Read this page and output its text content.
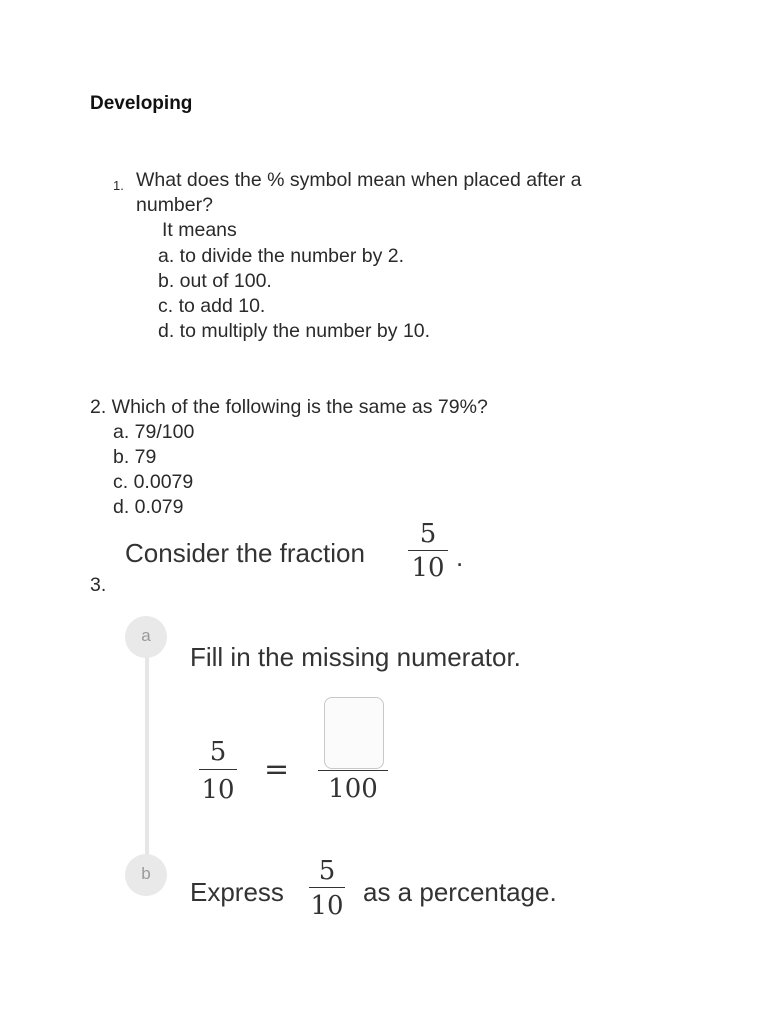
Developing
1. What does the % symbol mean when placed after a
number?
It means
a. to divide the number by 2.
b. out of 100.
c. to add 10.
d. to multiply the number by 10.
2. Which of the following is the same as 79%?
a. 79/100
b. 79
c. 0.0079
d. 0.079
3.
Consider the fraction
5
10 .
a
b
Fill in the missing numerator.
5
10
=
100
Express
5
10 as a percentage.
